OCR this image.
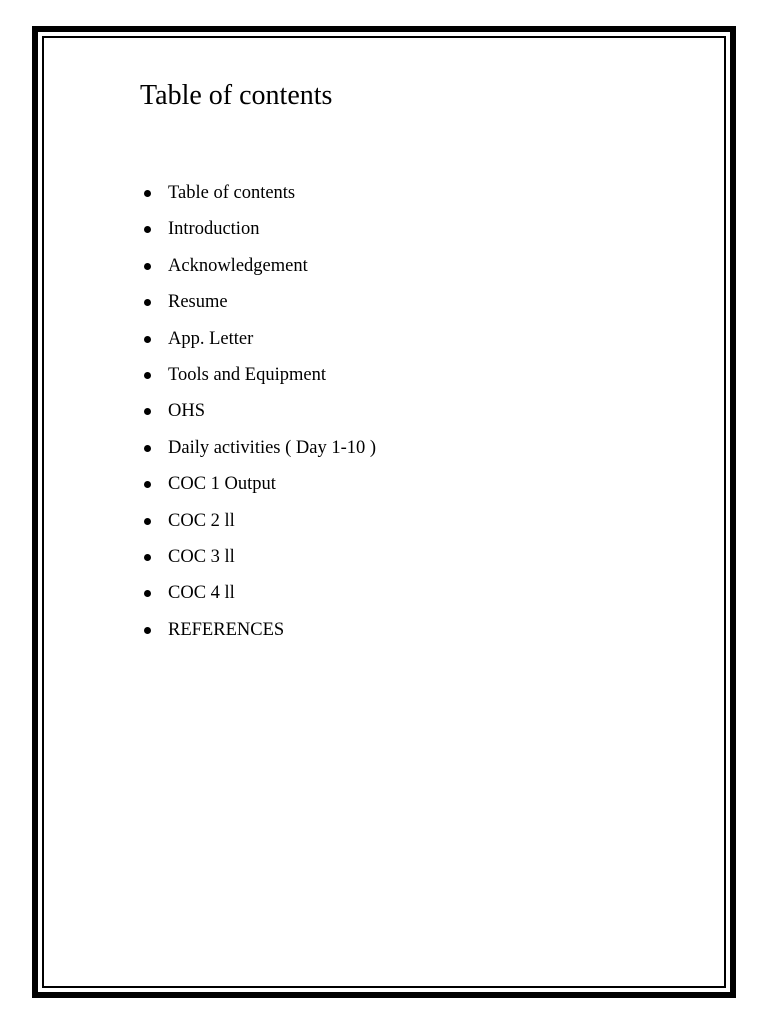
Table of contents
Table of contents
Introduction
Acknowledgement
Resume
App. Letter
Tools and Equipment
OHS
Daily activities ( Day 1-10 )
COC 1 Output
COC 2 ll
COC 3 ll
COC 4 ll
REFERENCES
